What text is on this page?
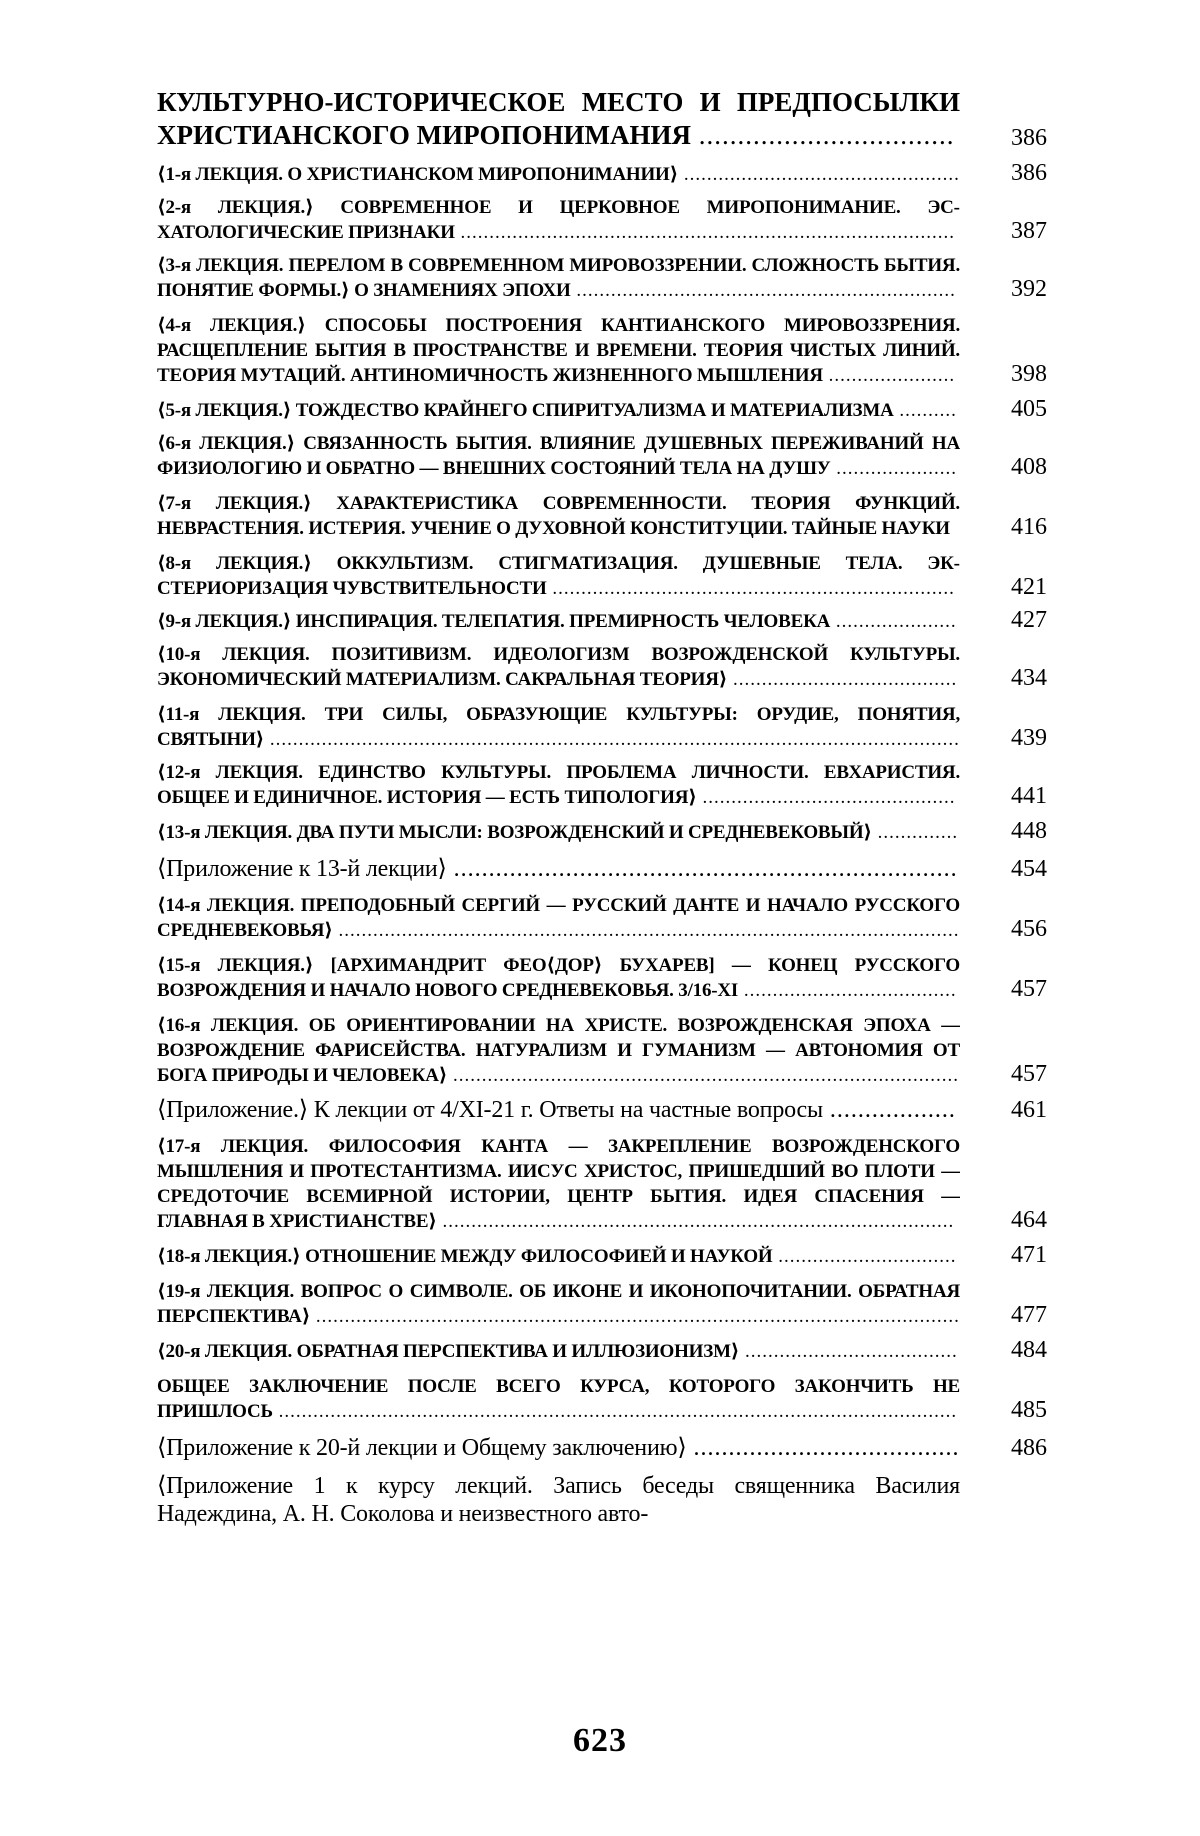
КУЛЬТУРНО-ИСТОРИЧЕСКОЕ МЕСТО И ПРЕДПОСЫЛКИ ХРИСТИАНСКОГО МИРОПОНИМАНИЯ .................................	386
⟨1-я ЛЕКЦИЯ. О ХРИСТИАНСКОМ МИРОПОНИМАНИИ⟩ ................................................	386
⟨2-я ЛЕКЦИЯ.⟩ СОВРЕМЕННОЕ И ЦЕРКОВНОЕ МИРОПОНИМАНИЕ. ЭСХАТОЛОГИЧЕСКИЕ ПРИЗНАКИ ......................................................................................	387
⟨3-я ЛЕКЦИЯ. ПЕРЕЛОМ В СОВРЕМЕННОМ МИРОВОЗЗРЕНИИ. СЛОЖНОСТЬ БЫТИЯ. ПОНЯТИЕ ФОРМЫ.⟩ О ЗНАМЕНИЯХ ЭПОХИ ..................................................................	392
⟨4-я ЛЕКЦИЯ.⟩ СПОСОБЫ ПОСТРОЕНИЯ КАНТИАНСКОГО МИРОВОЗЗРЕНИЯ. РАСЩЕПЛЕНИЕ БЫТИЯ В ПРОСТРАНСТВЕ И ВРЕМЕНИ. ТЕОРИЯ ЧИСТЫХ ЛИНИЙ. ТЕОРИЯ МУТАЦИЙ. АНТИНОМИЧНОСТЬ ЖИЗНЕННОГО МЫШЛЕНИЯ ......................	398
⟨5-я ЛЕКЦИЯ.⟩ ТОЖДЕСТВО КРАЙНЕГО СПИРИТУАЛИЗМА И МАТЕРИАЛИЗМА ..........	405
⟨6-я ЛЕКЦИЯ.⟩ СВЯЗАННОСТЬ БЫТИЯ. ВЛИЯНИЕ ДУШЕВНЫХ ПЕРЕЖИВАНИЙ НА ФИЗИОЛОГИЮ И ОБРАТНО — ВНЕШНИХ СОСТОЯНИЙ ТЕЛА НА ДУШУ .....................	408
⟨7-я ЛЕКЦИЯ.⟩ ХАРАКТЕРИСТИКА СОВРЕМЕННОСТИ. ТЕОРИЯ ФУНКЦИЙ. НЕВРАСТЕНИЯ. ИСТЕРИЯ. УЧЕНИЕ О ДУХОВНОЙ КОНСТИТУЦИИ. ТАЙНЫЕ НАУКИ	416
⟨8-я ЛЕКЦИЯ.⟩ ОККУЛЬТИЗМ. СТИГМАТИЗАЦИЯ. ДУШЕВНЫЕ ТЕЛА. ЭКСТЕРИОРИЗАЦИЯ ЧУВСТВИТЕЛЬНОСТИ ......................................................................	421
⟨9-я ЛЕКЦИЯ.⟩ ИНСПИРАЦИЯ. ТЕЛЕПАТИЯ. ПРЕМИРНОСТЬ ЧЕЛОВЕКА .....................	427
⟨10-я ЛЕКЦИЯ. ПОЗИТИВИЗМ. ИДЕОЛОГИЗМ ВОЗРОЖДЕНСКОЙ КУЛЬТУРЫ. ЭКОНОМИЧЕСКИЙ МАТЕРИАЛИЗМ. САКРАЛЬНАЯ ТЕОРИЯ⟩ .......................................	434
⟨11-я ЛЕКЦИЯ. ТРИ СИЛЫ, ОБРАЗУЮЩИЕ КУЛЬТУРЫ: ОРУДИЕ, ПОНЯТИЯ, СВЯТЫНИ⟩ ........................................................................................................................	439
⟨12-я ЛЕКЦИЯ. ЕДИНСТВО КУЛЬТУРЫ. ПРОБЛЕМА ЛИЧНОСТИ. ЕВХАРИСТИЯ. ОБЩЕЕ И ЕДИНИЧНОЕ. ИСТОРИЯ — ЕСТЬ ТИПОЛОГИЯ⟩ ............................................	441
⟨13-я ЛЕКЦИЯ. ДВА ПУТИ МЫСЛИ: ВОЗРОЖДЕНСКИЙ И СРЕДНЕВЕКОВЫЙ⟩ ..............	448
⟨Приложение к 13-й лекции⟩ ........................................................................	454
⟨14-я ЛЕКЦИЯ. ПРЕПОДОБНЫЙ СЕРГИЙ — РУССКИЙ ДАНТЕ И НАЧАЛО РУССКОГО СРЕДНЕВЕКОВЬЯ⟩ ............................................................................................................	456
⟨15-я ЛЕКЦИЯ.⟩ [АРХИМАНДРИТ ФЕО⟨ДОР⟩ БУХАРЕВ] — КОНЕЦ РУССКОГО ВОЗРОЖДЕНИЯ И НАЧАЛО НОВОГО СРЕДНЕВЕКОВЬЯ. 3/16-XI .....................................	457
⟨16-я ЛЕКЦИЯ. ОБ ОРИЕНТИРОВАНИИ НА ХРИСТЕ. ВОЗРОЖДЕНСКАЯ ЭПОХА — ВОЗРОЖДЕНИЕ ФАРИСЕЙСТВА. НАТУРАЛИЗМ И ГУМАНИЗМ — АВТОНОМИЯ ОТ БОГА ПРИРОДЫ И ЧЕЛОВЕКА⟩ ........................................................................................	457
⟨Приложение.⟩ К лекции от 4/XI-21 г. Ответы на частные вопросы ..................	461
⟨17-я ЛЕКЦИЯ. ФИЛОСОФИЯ КАНТА — ЗАКРЕПЛЕНИЕ ВОЗРОЖДЕНСКОГО МЫШЛЕНИЯ И ПРОТЕСТАНТИЗМА. ИИСУС ХРИСТОС, ПРИШЕДШИЙ ВО ПЛОТИ — СРЕДОТОЧИЕ ВСЕМИРНОЙ ИСТОРИИ, ЦЕНТР БЫТИЯ. ИДЕЯ СПАСЕНИЯ — ГЛАВНАЯ В ХРИСТИАНСТВЕ⟩ .........................................................................................	464
⟨18-я ЛЕКЦИЯ.⟩ ОТНОШЕНИЕ МЕЖДУ ФИЛОСОФИЕЙ И НАУКОЙ ...............................	471
⟨19-я ЛЕКЦИЯ. ВОПРОС О СИМВОЛЕ. ОБ ИКОНЕ И ИКОНОПОЧИТАНИИ. ОБРАТНАЯ ПЕРСПЕКТИВА⟩ ................................................................................................................	477
⟨20-я ЛЕКЦИЯ. ОБРАТНАЯ ПЕРСПЕКТИВА И ИЛЛЮЗИОНИЗМ⟩ .....................................	484
ОБЩЕЕ ЗАКЛЮЧЕНИЕ ПОСЛЕ ВСЕГО КУРСА, КОТОРОГО ЗАКОНЧИТЬ НЕ ПРИШЛОСЬ ......................................................................................................................	485
⟨Приложение к 20-й лекции и Общему заключению⟩ ......................................	486
⟨Приложение 1 к курсу лекций. Запись беседы священника Василия Надеждина, А. Н. Соколова и неизвестного авто-
623
